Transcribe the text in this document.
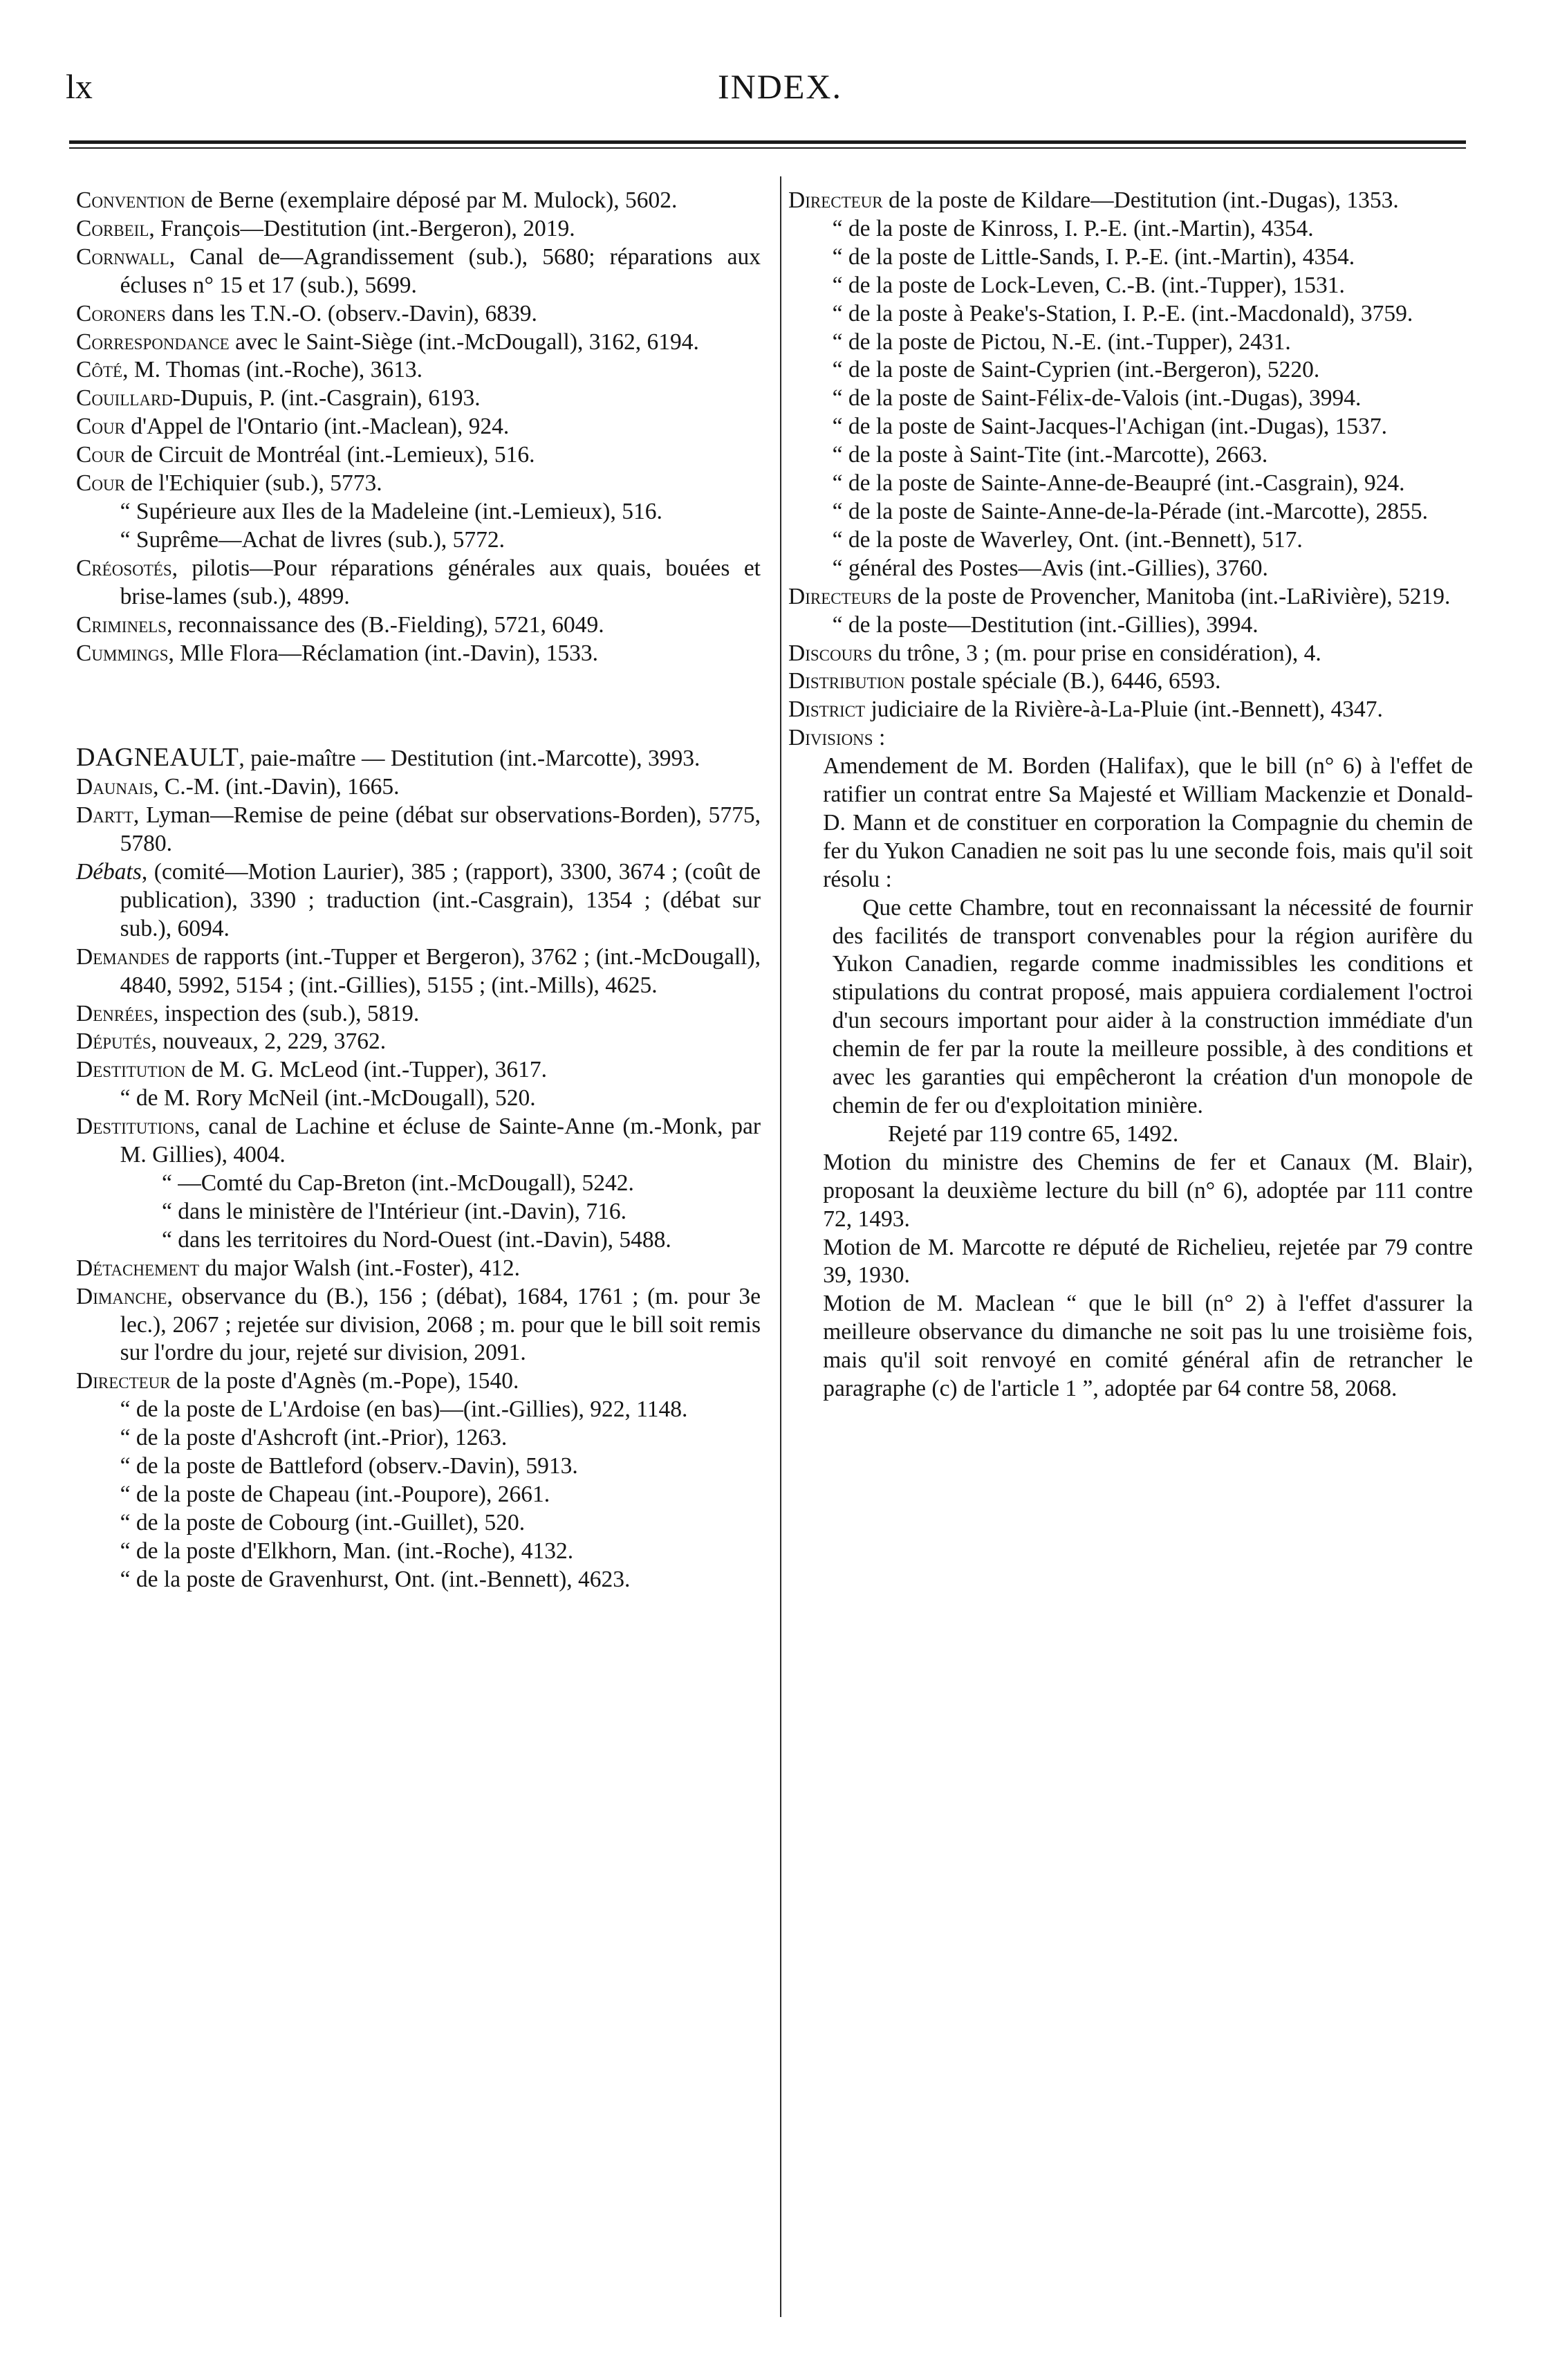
lx	INDEX.
Convention de Berne (exemplaire déposé par M. Mulock), 5602.
Corbeil, François—Destitution (int.-Bergeron), 2019.
Cornwall, Canal de—Agrandissement (sub.), 5680; réparations aux écluses n° 15 et 17 (sub.), 5699.
Coroners dans les T.N.-O. (observ.-Davin), 6839.
Correspondance avec le Saint-Siège (int.-McDougall), 3162, 6194.
Côté, M. Thomas (int.-Roche), 3613.
Couillard-Dupuis, P. (int.-Casgrain), 6193.
Cour d'Appel de l'Ontario (int.-Maclean), 924.
Cour de Circuit de Montréal (int.-Lemieux), 516.
Cour de l'Echiquier (sub.), 5773.
“ Supérieure aux Iles de la Madeleine (int.-Lemieux), 516.
“ Suprême—Achat de livres (sub.), 5772.
Créosotés, pilotis—Pour réparations générales aux quais, bouées et brise-lames (sub.), 4899.
Criminels, reconnaissance des (B.-Fielding), 5721, 6049.
Cummings, Mlle Flora—Réclamation (int.-Davin), 1533.
DAGNEAULT, paie-maître — Destitution (int.-Marcotte), 3993.
Daunais, C.-M. (int.-Davin), 1665.
Dartt, Lyman—Remise de peine (débat sur observations-Borden), 5775, 5780.
Débats, (comité—Motion Laurier), 385 ; (rapport), 3300, 3674 ; (coût de publication), 3390 ; traduction (int.-Casgrain), 1354 ; (débat sur sub.), 6094.
Demandes de rapports (int.-Tupper et Bergeron), 3762 ; (int.-McDougall), 4840, 5992, 5154 ; (int.-Gillies), 5155 ; (int.-Mills), 4625.
Denrées, inspection des (sub.), 5819.
Députés, nouveaux, 2, 229, 3762.
Destitution de M. G. McLeod (int.-Tupper), 3617.
“ de M. Rory McNeil (int.-McDougall), 520.
Destitutions, canal de Lachine et écluse de Sainte-Anne (m.-Monk, par M. Gillies), 4004.
“ —Comté du Cap-Breton (int.-McDougall), 5242.
“ dans le ministère de l'Intérieur (int.-Davin), 716.
“ dans les territoires du Nord-Ouest (int.-Davin), 5488.
Détachement du major Walsh (int.-Foster), 412.
Dimanche, observance du (B.), 156 ; (débat), 1684, 1761 ; (m. pour 3e lec.), 2067 ; rejetée sur division, 2068 ; m. pour que le bill soit remis sur l'ordre du jour, rejeté sur division, 2091.
Directeur de la poste d'Agnès (m.-Pope), 1540.
“ de la poste de L'Ardoise (en bas)—(int.-Gillies), 922, 1148.
“ de la poste d'Ashcroft (int.-Prior), 1263.
“ de la poste de Battleford (observ.-Davin), 5913.
“ de la poste de Chapeau (int.-Poupore), 2661.
“ de la poste de Cobourg (int.-Guillet), 520.
“ de la poste d'Elkhorn, Man. (int.-Roche), 4132.
“ de la poste de Gravenhurst, Ont. (int.-Bennett), 4623.
Directeur de la poste de Kildare—Destitution (int.-Dugas), 1353.
“ de la poste de Kinross, I. P.-E. (int.-Martin), 4354.
“ de la poste de Little-Sands, I. P.-E. (int.-Martin), 4354.
“ de la poste de Lock-Leven, C.-B. (int.-Tupper), 1531.
“ de la poste à Peake's-Station, I. P.-E. (int.-Macdonald), 3759.
“ de la poste de Pictou, N.-E. (int.-Tupper), 2431.
“ de la poste de Saint-Cyprien (int.-Bergeron), 5220.
“ de la poste de Saint-Félix-de-Valois (int.-Dugas), 3994.
“ de la poste de Saint-Jacques-l'Achigan (int.-Dugas), 1537.
“ de la poste à Saint-Tite (int.-Marcotte), 2663.
“ de la poste de Sainte-Anne-de-Beaupré (int.-Casgrain), 924.
“ de la poste de Sainte-Anne-de-la-Pérade (int.-Marcotte), 2855.
“ de la poste de Waverley, Ont. (int.-Bennett), 517.
“ général des Postes—Avis (int.-Gillies), 3760.
Directeurs de la poste de Provencher, Manitoba (int.-LaRivière), 5219.
“ de la poste—Destitution (int.-Gillies), 3994.
Discours du trône, 3 ; (m. pour prise en considération), 4.
Distribution postale spéciale (B.), 6446, 6593.
District judiciaire de la Rivière-à-La-Pluie (int.-Bennett), 4347.
Divisions :
Amendement de M. Borden (Halifax), que le bill (n° 6) à l'effet de ratifier un contrat entre Sa Majesté et William Mackenzie et Donald-D. Mann et de constituer en corporation la Compagnie du chemin de fer du Yukon Canadien ne soit pas lu une seconde fois, mais qu'il soit résolu :
Que cette Chambre, tout en reconnaissant la nécessité de fournir des facilités de transport convenables pour la région aurifère du Yukon Canadien, regarde comme inadmissibles les conditions et stipulations du contrat proposé, mais appuiera cordialement l'octroi d'un secours important pour aider à la construction immédiate d'un chemin de fer par la route la meilleure possible, à des conditions et avec les garanties qui empêcheront la création d'un monopole de chemin de fer ou d'exploitation minière.
Rejeté par 119 contre 65, 1492.
Motion du ministre des Chemins de fer et Canaux (M. Blair), proposant la deuxième lecture du bill (n° 6), adoptée par 111 contre 72, 1493.
Motion de M. Marcotte re député de Richelieu, rejetée par 79 contre 39, 1930.
Motion de M. Maclean “ que le bill (n° 2) à l'effet d'assurer la meilleure observance du dimanche ne soit pas lu une troisième fois, mais qu'il soit renvoyé en comité général afin de retrancher le paragraphe (c) de l'article 1 ”, adoptée par 64 contre 58, 2068.
